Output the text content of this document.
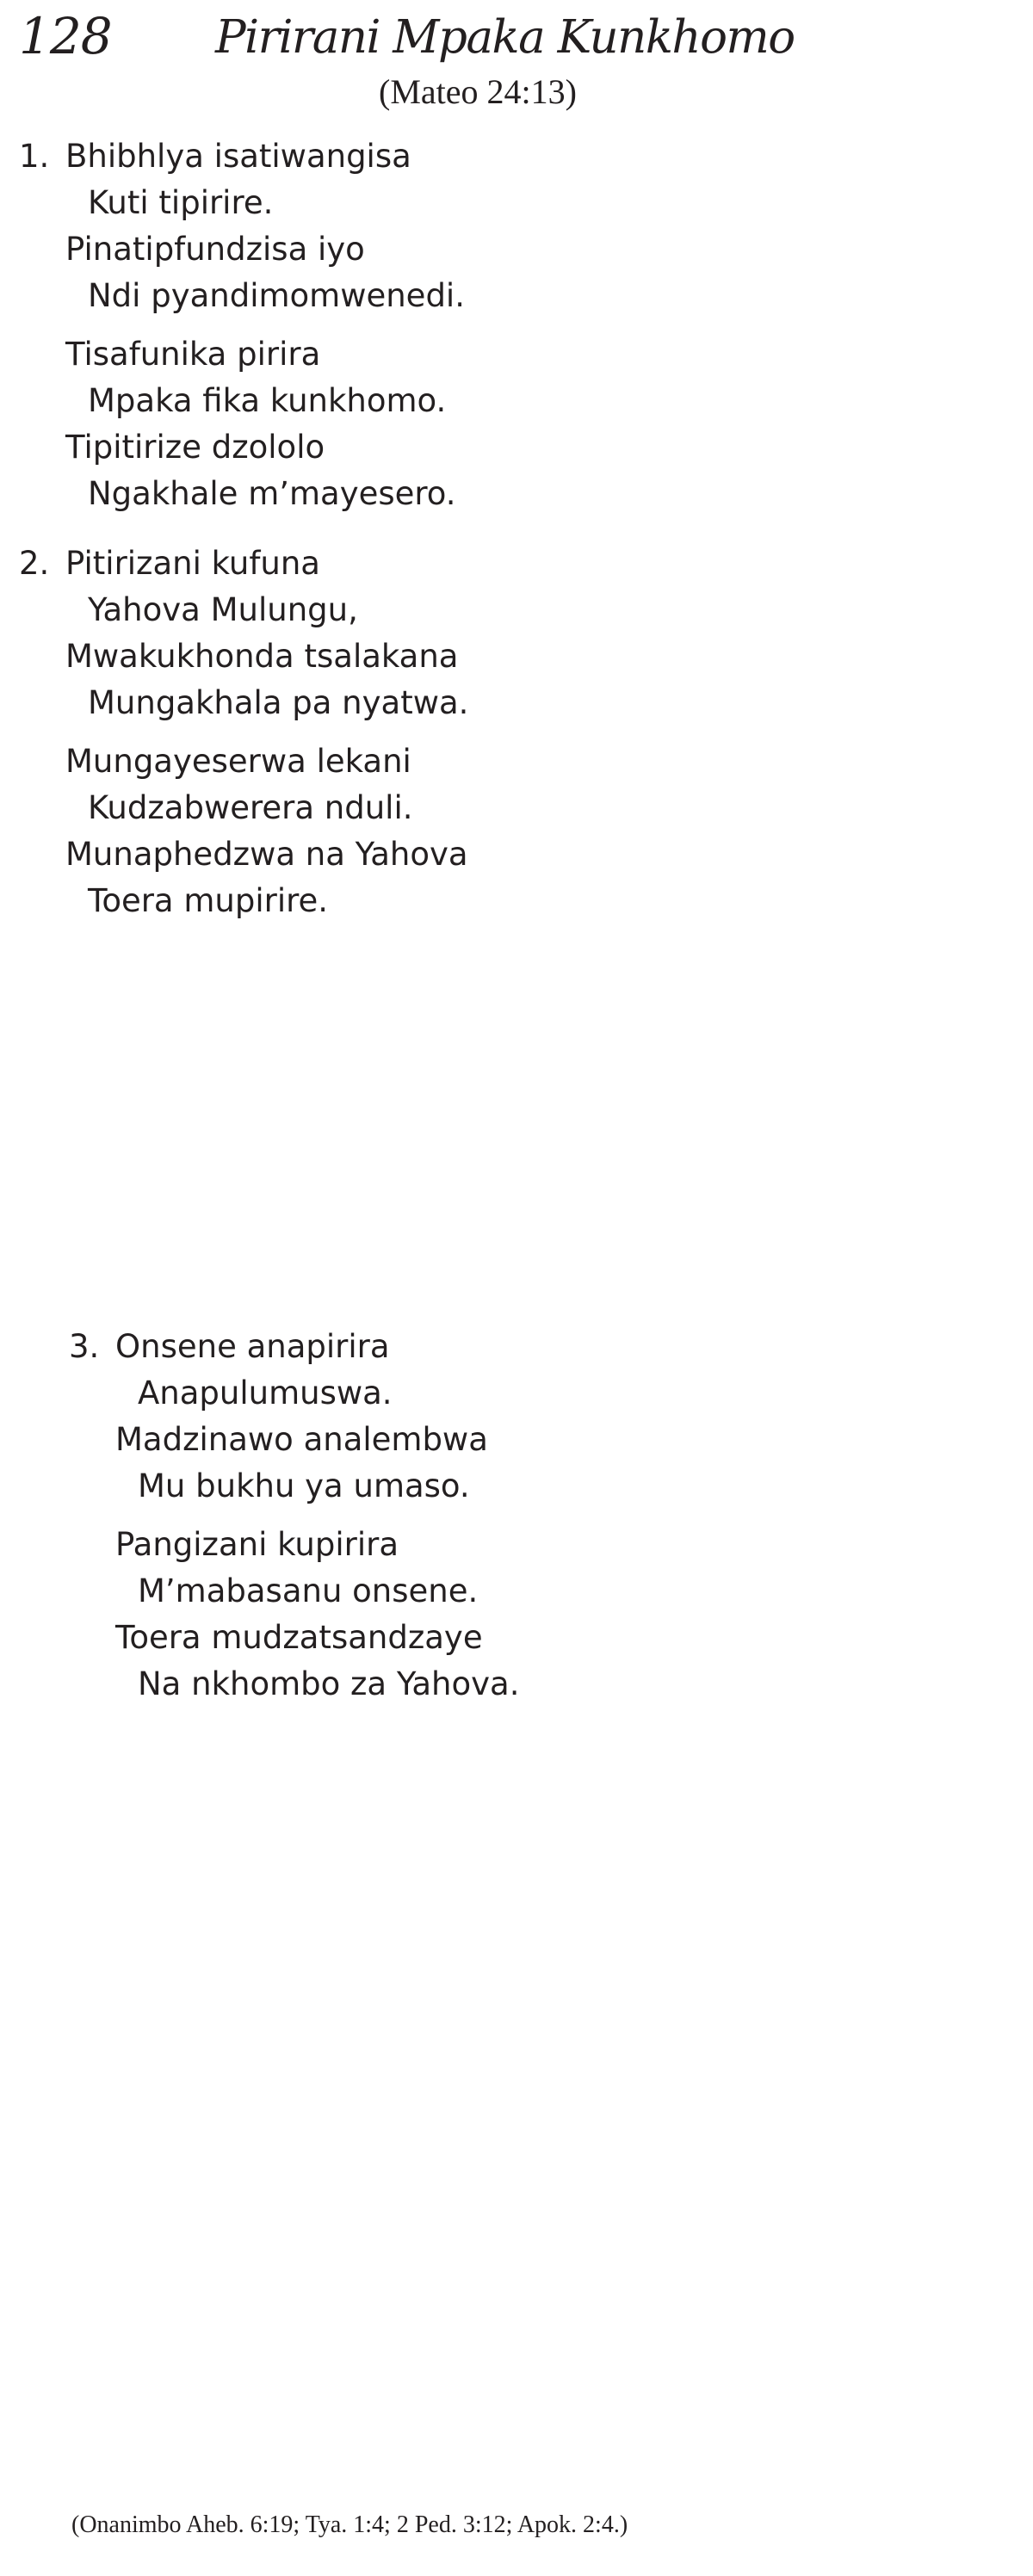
128 Pirirani Mpaka Kunkhomo
(Mateo 24:13)
1. Bhibhlya isatiwangisa
Kuti tipirire.
Pinatipfundzisa iyo
Ndi pyandimomwenedi.
Tisafunika pirira
Mpaka fika kunkhomo.
Tipitirize dzololo
Ngakhale m’mayesero.
2. Pitirizani kufuna
Yahova Mulungu,
Mwakukhonda tsalakana
Mungakhala pa nyatwa.
Mungayeserwa lekani
Kudzabwerera nduli.
Munaphedzwa na Yahova
Toera mupirire.
3. Onsene anapirira
Anapulumuswa.
Madzinawo analembwa
Mu bukhu ya umaso.
Pangizani kupirira
M’mabasanu onsene.
Toera mudzatsandzaye
Na nkhombo za Yahova.
(Onanimbo Aheb. 6:19; Tya. 1:4; 2 Ped. 3:12; Apok. 2:4.)
